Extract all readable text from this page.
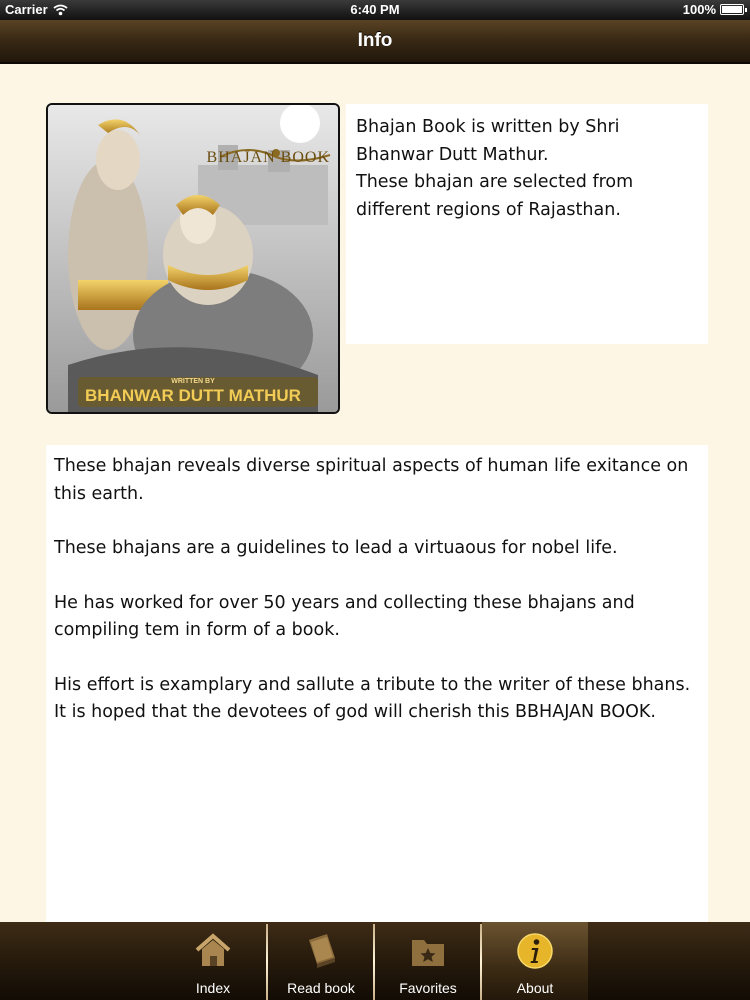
Carrier	6:40 PM	100%
Info
BHAJAN BOOK
WRITTEN BY
BHANWAR DUTT MATHUR

Bhajan Book is written by Shri Bhanwar Dutt Mathur.

These bhajan are selected from different regions of Rajasthan.

These bhajan reveals diverse spiritual aspects of human life exitance on this earth.

These bhajans are a guidelines to lead a virtuaous for nobel life.

He has worked for over 50 years and collecting these bhajans and compiling tem in form of a book.

His effort is examplary and sallute a tribute to the writer of these bhans. It is hoped that the devotees of god will cherish this BBHAJAN BOOK.

Index	Read book	Favorites	About
